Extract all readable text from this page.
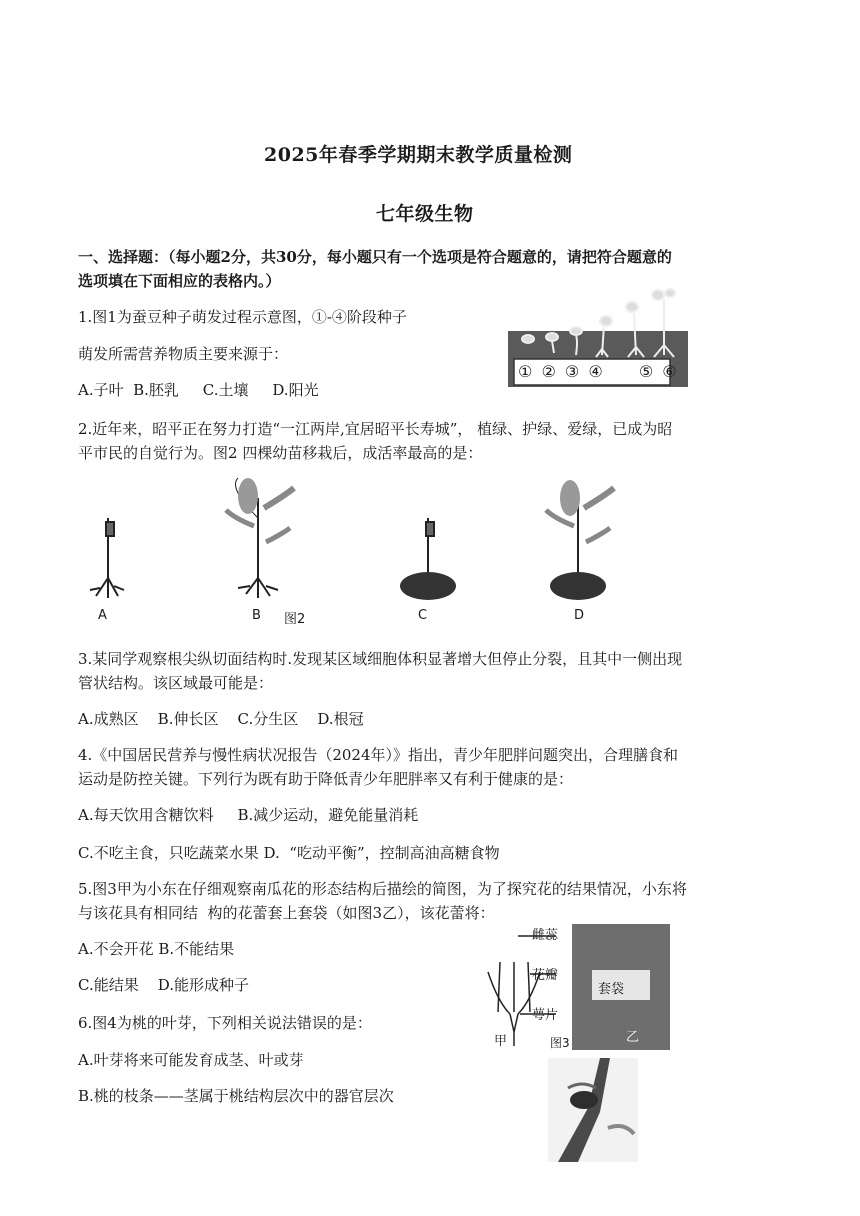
2025年春季学期期末教学质量检测
七年级生物
一、选择题：（每小题2分，共30分，每小题只有一个选项是符合题意的，请把符合题意的
选项填在下面相应的表格内。）
1.图1为蚕豆种子萌发过程示意图，①-④阶段种子
萌发所需营养物质主要来源于：
A.子叶  B.胚乳     C.土壤     D.阳光
① ② ③ ④ ⑤ ⑥
2.近年来，昭平正在努力打造“一江两岸,宜居昭平长寿城”， 植绿、护绿、爱绿，已成为昭
平市民的自觉行为。图2 四棵幼苗移栽后，成活率最高的是：
A	B 图2	C	D
3.某同学观察根尖纵切面结构时.发现某区域细胞体积显著增大但停止分裂，且其中一侧出现
管状结构。该区域最可能是：
A.成熟区    B.伸长区    C.分生区    D.根冠
4.《中国居民营养与慢性病状况报告（2024年）》指出，青少年肥胖问题突出，合理膳食和
运动是防控关键。下列行为既有助于降低青少年肥胖率又有利于健康的是：
A.每天饮用含糖饮料     B.减少运动，避免能量消耗
C.不吃主食，只吃蔬菜水果 D.  “吃动平衡”，控制高油高糖食物
5.图3甲为小东在仔细观察南瓜花的形态结构后描绘的简图，为了探究花的结果情况，小东将
与该花具有相同结  构的花蕾套上套袋（如图3乙），该花蕾将：
A.不会开花 B.不能结果
C.能结果    D.能形成种子
雌蕊
花瓣
萼片
甲	图3
套袋
乙
6.图4为桃的叶芽，下列相关说法错误的是：
A.叶芽将来可能发育成茎、叶或芽
B.桃的枝条——茎属于桃结构层次中的器官层次
